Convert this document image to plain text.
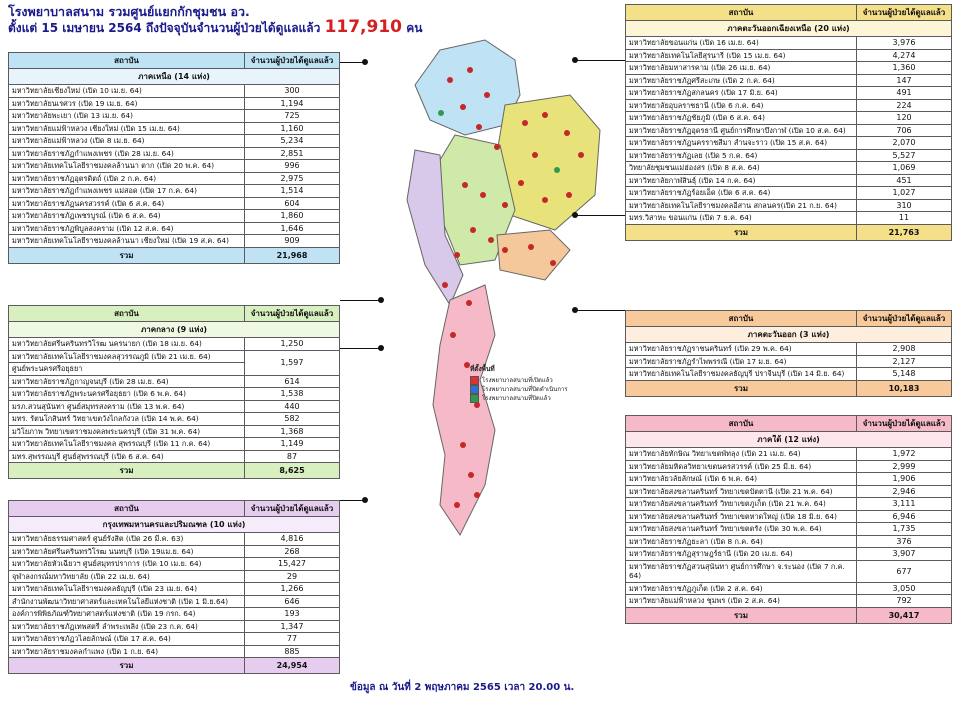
โรงพยาบาลสนาม รวมศูนย์แยกกักชุมชน อว.
ตั้งแต่ 15 เมษายน 2564 ถึงปัจจุบันจำนวนผู้ป่วยได้ดูแลแล้ว 117,910 คน
สถาบัน	จำนวนผู้ป่วยได้ดูแลแล้ว
ภาคเหนือ (14 แห่ง)	
มหาวิทยาลัยเชียงใหม่ (เปิด 10 เม.ย. 64)	300
มหาวิทยาลัยนเรศวร (เปิด 19 เม.ย. 64)	1,194
มหาวิทยาลัยพะเยา (เปิด 13 เม.ย. 64)	725
มหาวิทยาลัยแม่ฟ้าหลวง เชียงใหม่ (เปิด 15 เม.ย. 64)	1,160
มหาวิทยาลัยแม่ฟ้าหลวง (เปิด 8 เม.ย. 64)	5,234
มหาวิทยาลัยราชภัฏกำแพงเพชร (เปิด 28 เม.ย. 64)	2,851
มหาวิทยาลัยเทคโนโลยีราชมงคลล้านนา ตาก (เปิด 20 พ.ค. 64)	996
มหาวิทยาลัยราชภัฏอุตรดิตถ์ (เปิด 2 ก.ค. 64)	2,975
มหาวิทยาลัยราชภัฏกำแพงเพชร แม่สอด (เปิด 17 ก.ค. 64)	1,514
มหาวิทยาลัยราชภัฏนครสวรรค์ (เปิด 6 ส.ค. 64)	604
มหาวิทยาลัยราชภัฏเพชรบูรณ์ (เปิด 6 ส.ค. 64)	1,860
มหาวิทยาลัยราชภัฏพิบูลสงคราม (เปิด 12 ส.ค. 64)	1,646
มหาวิทยาลัยเทคโนโลยีราชมงคลล้านนา เชียงใหม่ (เปิด 19 ส.ค. 64)	909
รวม	21,968
สถาบัน	จำนวนผู้ป่วยได้ดูแลแล้ว
ภาคกลาง (9 แห่ง)	
มหาวิทยาลัยศรีนครินทรวิโรฒ นครนายก (เปิด 18 เม.ย. 64)	1,250
มหาวิทยาลัยเทคโนโลยีราชมงคลสุวรรณภูมิ (เปิด 21 เม.ย. 64)	1,597
ศูนย์พระนครศรีอยุธยา	
มหาวิทยาลัยราชภัฏกาญจนบุรี (เปิด 28 เม.ย. 64)	614
มหาวิทยาลัยราชภัฏพระนครศรีอยุธยา (เปิด 6 พ.ค. 64)	1,538
มรภ.สวนสุนันทา ศูนย์สมุทรสงคราม (เปิด 13 พ.ค. 64)	440
มทร. รัตนโกสินทร์ วิทยาเขตวังไกลกังวล (เปิด 14 พ.ค. 64)	582
มวิโยภาพ วิทยาเขตราชมงคลพระนครบุรี (เปิด 31 พ.ค. 64)	1,368
มหาวิทยาลัยเทคโนโลยีราชมงคล สุพรรณบุรี (เปิด 11 ก.ค. 64)	1,149
มทร.สุพรรณบุรี ศูนย์สุพรรณบุรี (เปิด 6 ส.ค. 64)	87
รวม	8,625
สถาบัน	จำนวนผู้ป่วยได้ดูแลแล้ว
กรุงเทพมหานครและปริมณฑล (10 แห่ง)	
มหาวิทยาลัยธรรมศาสตร์ ศูนย์รังสิต (เปิด 26 มี.ค. 63)	4,816
มหาวิทยาลัยศรีนครินทรวิโรฒ นนทบุรี (เปิด 19แม.ย. 64)	268
มหาวิทยาลัยหัวเฉียวฯ ศูนย์สมุทรปราการ (เปิด 10 เม.ย. 64)	15,427
จุฬาลงกรณ์มหาวิทยาลัย (เปิด 22 เม.ย. 64)	29
มหาวิทยาลัยเทคโนโลยีราชมงคลธัญบุรี (เปิด 23 เม.ย. 64)	1,266
สำนักงานพัฒนาวิทยาศาสตร์และเทคโนโลยีแห่งชาติ (เปิด 1 มิ.ย.64)	646
องค์การพิพิธภัณฑ์วิทยาศาสตร์แห่งชาติ (เปิด 19 กรก. 64)	193
มหาวิทยาลัยราชภัฏเทพสตรี ลำพระเพลิง (เปิด 23 ก.ค. 64)	1,347
มหาวิทยาลัยราชภัฏวไลยลักษณ์ (เปิด 17 ส.ค. 64)	77
มหาวิทยาลัยราชมงคลกำแพง (เปิด 1 ก.ย. 64)	885
รวม	24,954
สถาบัน	จำนวนผู้ป่วยได้ดูแลแล้ว
ภาคตะวันออกเฉียงเหนือ (20 แห่ง)	
มหาวิทยาลัยขอนแก่น (เปิด 16 เม.ย. 64)	3,976
มหาวิทยาลัยเทคโนโลยีสุรนารี (เปิด 15 เม.ย. 64)	4,274
มหาวิทยาลัยมหาสารคาม (เปิด 26 เม.ย. 64)	1,360
มหาวิทยาลัยราชภัฏศรีสะเกษ (เปิด 2 ก.ค. 64)	147
มหาวิทยาลัยราชภัฏสกลนคร (เปิด 17 มิ.ย. 64)	491
มหาวิทยาลัยอุบลราชธานี (เปิด 6 ก.ค. 64)	224
มหาวิทยาลัยราชภัฏชัยภูมิ (เปิด 6 ส.ค. 64)	120
มหาวิทยาลัยราชภัฏอุดรธานี ศูนย์การศึกษาบึงกาฬ (เปิด 10 ส.ค. 64)	706
มหาวิทยาลัยราชภัฏนครราชสีมา สำนจะราว (เปิด 15 ส.ค. 64)	2,070
มหาวิทยาลัยราชภัฏเลย (เปิด 5 ก.ค. 64)	5,527
วิทยาลัยชุมชนแม่ฮ่องสร (เปิด 8 ส.ค. 64)	1,069
มหาวิทยาลัยกาฬสินธุ์ (เปิด 14 ก.ค. 64)	451
มหาวิทยาลัยราชภัฏร้อยเอ็ด (เปิด 6 ส.ค. 64)	1,027
มหาวิทยาลัยเทคโนโลยีราชมงคลอีสาน สกลนคร(เปิด 21 ก.ย. 64)	310
มทร.วิสาหะ ขอนแก่น (เปิด 7 ธ.ค. 64)	11
รวม	21,763
สถาบัน	จำนวนผู้ป่วยได้ดูแลแล้ว
ภาคตะวันออก (3 แห่ง)	
มหาวิทยาลัยราชภัฏราชนครินทร์ (เปิด 29 พ.ค. 64)	2,908
มหาวิทยาลัยราชภัฏรำไพพรรณี (เปิด 17 ม.ย. 64)	2,127
มหาวิทยาลัยเทคโนโลยีราชมงคลธัญบุรี ปราจีนบุรี (เปิด 14 มิ.ย. 64)	5,148
รวม	10,183
สถาบัน	จำนวนผู้ป่วยได้ดูแลแล้ว
ภาคใต้ (12 แห่ง)	
มหาวิทยาลัยทักษิณ วิทยาเขตพัทลุง (เปิด 21 เม.ย. 64)	1,972
มหาวิทยาลัยมหิดลวิทยาเขตนครสวรรค์ (เปิด 25 มี.ย. 64)	2,999
มหาวิทยาลัยวลัยลักษณ์ (เปิด 6 พ.ค. 64)	1,906
มหาวิทยาลัยสงขลานครินทร์ วิทยาเขตปัตตานี (เปิด 21 พ.ค. 64)	2,946
มหาวิทยาลัยสงขลานครินทร์ วิทยาเขตภูเก็ต (เปิด 21 พ.ค. 64)	3,111
มหาวิทยาลัยสงขลานครินทร์ วิทยาเขตหาดใหญ่ (เปิด 18 มิ.ย. 64)	6,946
มหาวิทยาลัยสงขลานครินทร์ วิทยาเขตตรัง (เปิด 30 พ.ค. 64)	1,735
มหาวิทยาลัยราชภัฏยะลา (เปิด 8 ก.ค. 64)	376
มหาวิทยาลัยราชภัฏสุราษฎร์ธานี (เปิด 20 เม.ย. 64)	3,907
มหาวิทยาลัยราชภัฏสวนสุนันทา ศูนย์การศึกษา จ.ระนอง (เปิด 7 ก.ค. 64)	677
มหาวิทยาลัยราชภัฏภูเก็ต (เปิด 2 ส.ค. 64)	3,050
มหาวิทยาลัยแม่ฟ้าหลวง ชุมพร (เปิด 2 ส.ค. 64)	792
รวม	30,417
ที่ตั้งพื้นที่
โรงพยาบาลสนามที่เปิดแล้ว
โรงพยาบาลสนามที่ปิดดำเนินการ
โรงพยาบาลสนามที่ปิดแล้ว
ข้อมูล ณ วันที่ 2 พฤษภาคม 2565 เวลา 20.00 น.
